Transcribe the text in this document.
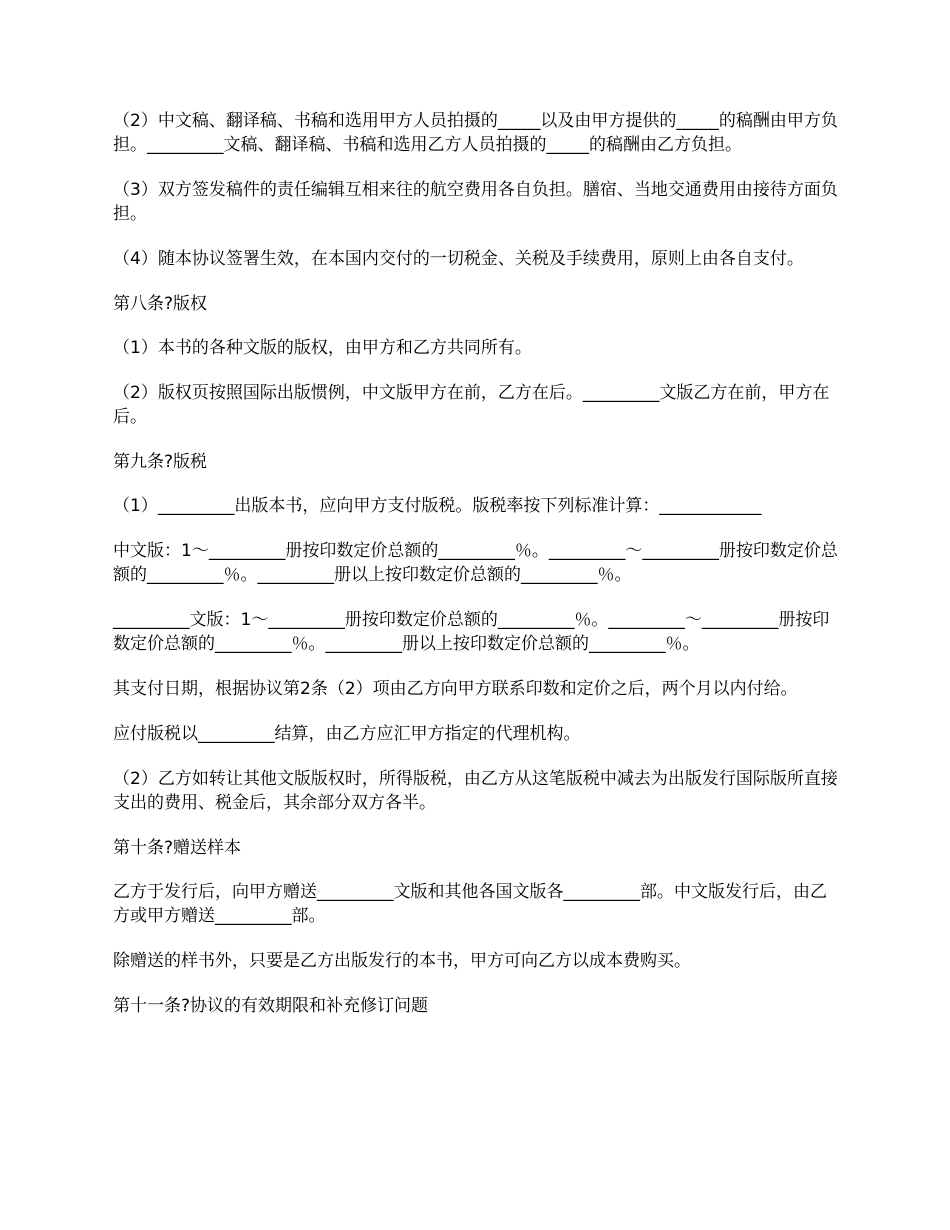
（2）中文稿、翻译稿、书稿和选用甲方人员拍摄的_____以及由甲方提供的_____的稿酬由甲方负担。_________文稿、翻译稿、书稿和选用乙方人员拍摄的_____的稿酬由乙方负担。

（3）双方签发稿件的责任编辑互相来往的航空费用各自负担。膳宿、当地交通费用由接待方面负担。

（4）随本协议签署生效，在本国内交付的一切税金、关税及手续费用，原则上由各自支付。

第八条?版权

（1）本书的各种文版的版权，由甲方和乙方共同所有。

（2）版权页按照国际出版惯例，中文版甲方在前，乙方在后。_________文版乙方在前，甲方在后。

第九条?版税

（1）_________出版本书，应向甲方支付版税。版税率按下列标准计算：____________

中文版：1～_________册按印数定价总额的_________％。_________～_________册按印数定价总额的_________％。_________册以上按印数定价总额的_________％。

_________文版：1～_________册按印数定价总额的_________％。_________～_________册按印数定价总额的_________％。_________册以上按印数定价总额的_________％。

其支付日期，根据协议第2条（2）项由乙方向甲方联系印数和定价之后，两个月以内付给。

应付版税以_________结算，由乙方应汇甲方指定的代理机构。

（2）乙方如转让其他文版版权时，所得版税，由乙方从这笔版税中减去为出版发行国际版所直接支出的费用、税金后，其余部分双方各半。

第十条?赠送样本

乙方于发行后，向甲方赠送_________文版和其他各国文版各_________部。中文版发行后，由乙方或甲方赠送_________部。

除赠送的样书外，只要是乙方出版发行的本书，甲方可向乙方以成本费购买。

第十一条?协议的有效期限和补充修订问题
